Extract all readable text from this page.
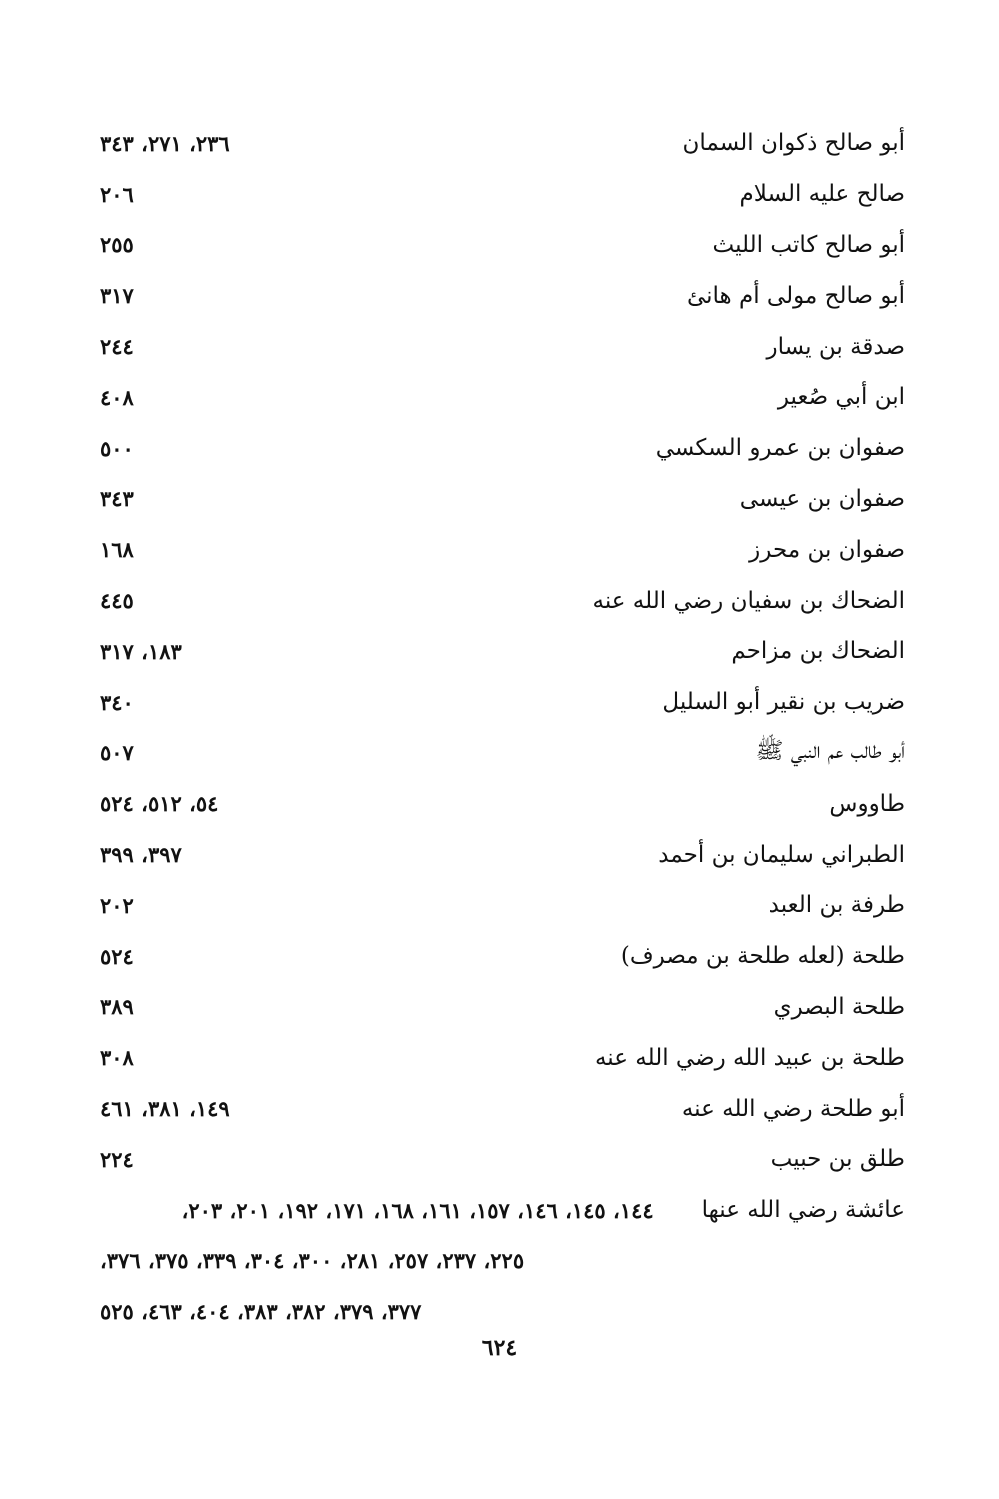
أبو صالح ذكوان السمان
٢٣٦، ٢٧١، ٣٤٣
صالح عليه السلام
٢٠٦
أبو صالح كاتب الليث
٢٥٥
أبو صالح مولى أم هانئ
٣١٧
صدقة بن يسار
٢٤٤
ابن أبي صُعير
٤٠٨
صفوان بن عمرو السكسي
٥٠٠
صفوان بن عيسى
٣٤٣
صفوان بن محرز
١٦٨
الضحاك بن سفيان رضي الله عنه
٤٤٥
الضحاك بن مزاحم
١٨٣، ٣١٧
ضريب بن نقير أبو السليل
٣٤٠
أبو طالب عم النبي ﷺ
٥٠٧
طاووس
٥٤، ٥١٢، ٥٢٤
الطبراني سليمان بن أحمد
٣٩٧، ٣٩٩
طرفة بن العبد
٢٠٢
طلحة (لعله طلحة بن مصرف)
٥٢٤
طلحة البصري
٣٨٩
طلحة بن عبيد الله رضي الله عنه
٣٠٨
أبو طلحة رضي الله عنه
١٤٩، ٣٨١، ٤٦١
طلق بن حبيب
٢٢٤
عائشة رضي الله عنها
١٤٤، ١٤٥، ١٤٦، ١٥٧، ١٦١، ١٦٨، ١٧١، ١٩٢، ٢٠١، ٢٠٣،
٢٢٥، ٢٣٧، ٢٥٧، ٢٨١، ٣٠٠، ٣٠٤، ٣٣٩، ٣٧٥، ٣٧٦،
٣٧٧، ٣٧٩، ٣٨٢، ٣٨٣، ٤٠٤، ٤٦٣، ٥٢٥
٦٢٤
